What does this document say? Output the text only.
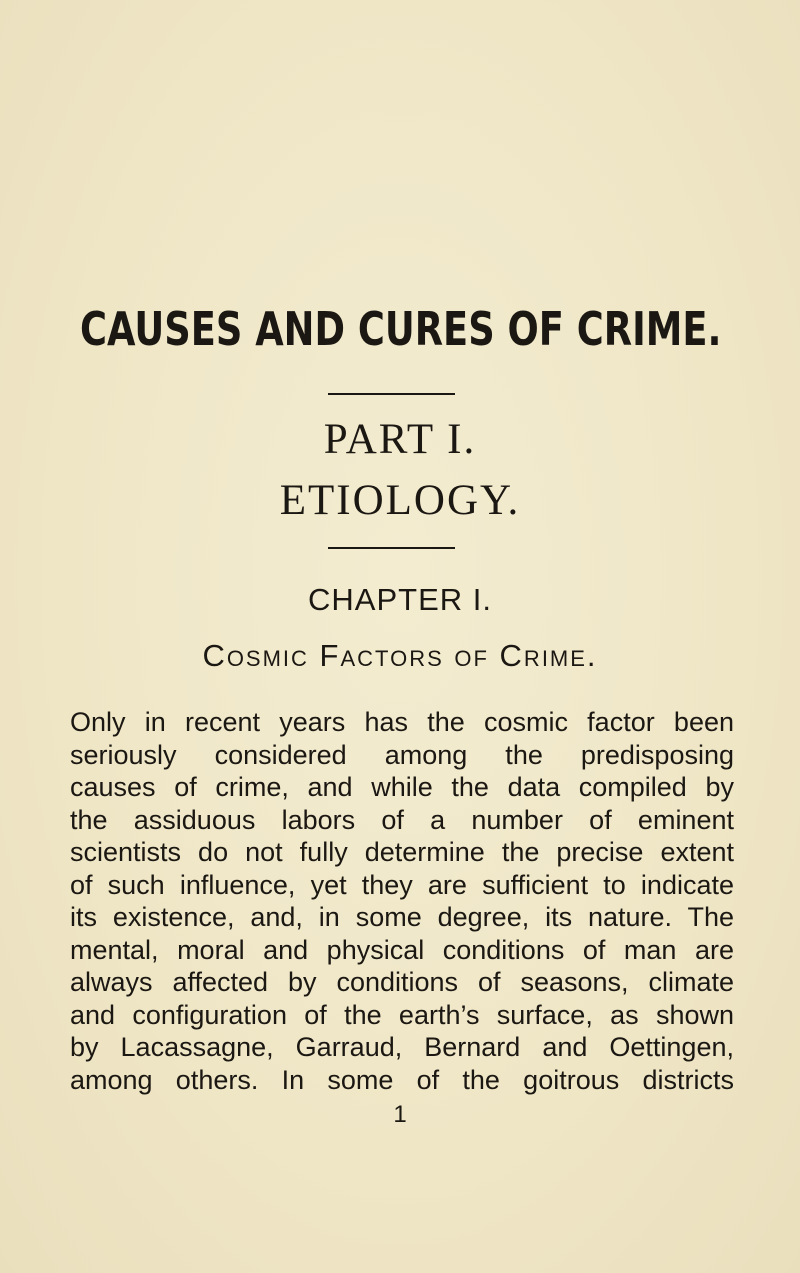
CAUSES AND CURES OF CRIME.
PART I.
ETIOLOGY.
CHAPTER I.
Cosmic Factors of Crime.
Only in recent years has the cosmic factor been
seriously considered among the predisposing
causes of crime, and while the data compiled by
the assiduous labors of a number of eminent
scientists do not fully determine the precise extent
of such influence, yet they are sufficient to indicate
its existence, and, in some degree, its nature. The
mental, moral and physical conditions of man are
always affected by conditions of seasons, climate
and configuration of the earth’s surface, as shown
by Lacassagne, Garraud, Bernard and Oettingen,
among others. In some of the goitrous districts
1
